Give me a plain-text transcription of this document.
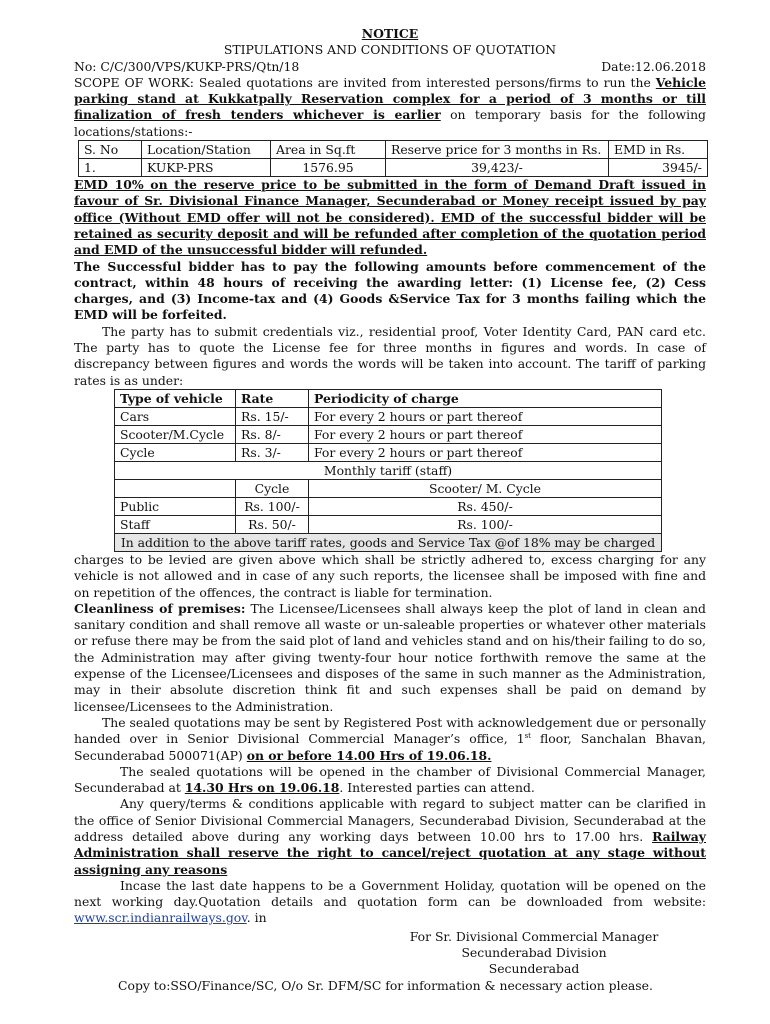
NOTICE
STIPULATIONS AND CONDITIONS OF QUOTATION
No: C/C/300/VPS/KUKP-PRS/Qtn/18	Date:12.06.2018

SCOPE OF WORK: Sealed quotations are invited from interested persons/firms to run the Vehicle parking stand at Kukkatpally Reservation complex for a period of 3 months or till finalization of fresh tenders whichever is earlier on temporary basis for the following locations/stations:-

S. No	Location/Station	Area in Sq.ft	Reserve price for 3 months in Rs.	EMD in Rs.
1.	KUKP-PRS	1576.95	39,423/-	3945/-

EMD 10% on the reserve price to be submitted in the form of Demand Draft issued in favour of Sr. Divisional Finance Manager, Secunderabad or Money receipt issued by pay office (Without EMD offer will not be considered). EMD of the successful bidder will be retained as security deposit and will be refunded after completion of the quotation period and EMD of the unsuccessful bidder will refunded.

The Successful bidder has to pay the following amounts before commencement of the contract, within 48 hours of receiving the awarding letter: (1) License fee, (2) Cess charges, and (3) Income-tax and (4) Goods &Service Tax for 3 months failing which the EMD will be forfeited.

The party has to submit credentials viz., residential proof, Voter Identity Card, PAN card etc. The party has to quote the License fee for three months in figures and words. In case of discrepancy between figures and words the words will be taken into account. The tariff of parking rates is as under:

Type of vehicle	Rate	Periodicity of charge
Cars	Rs. 15/-	For every 2 hours or part thereof
Scooter/M.Cycle	Rs. 8/-	For every 2 hours or part thereof
Cycle	Rs. 3/-	For every 2 hours or part thereof
Monthly tariff (staff)		
	Cycle	Scooter/ M. Cycle
Public	Rs. 100/-	Rs. 450/-
Staff	Rs. 50/-	Rs. 100/-
In addition to the above tariff rates, goods and Service Tax @of 18% may be charged		

charges to be levied are given above which shall be strictly adhered to, excess charging for any vehicle is not allowed and in case of any such reports, the licensee shall be imposed with fine and on repetition of the offences, the contract is liable for termination.

Cleanliness of premises: The Licensee/Licensees shall always keep the plot of land in clean and sanitary condition and shall remove all waste or un-saleable properties or whatever other materials or refuse there may be from the said plot of land and vehicles stand and on his/their failing to do so, the Administration may after giving twenty-four hour notice forthwith remove the same at the expense of the Licensee/Licensees and disposes of the same in such manner as the Administration, may in their absolute discretion think fit and such expenses shall be paid on demand by licensee/Licensees to the Administration.

The sealed quotations may be sent by Registered Post with acknowledgement due or personally handed over in Senior Divisional Commercial Manager’s office, 1st floor, Sanchalan Bhavan, Secunderabad 500071(AP) on or before 14.00 Hrs of 19.06.18.

The sealed quotations will be opened in the chamber of Divisional Commercial Manager, Secunderabad at 14.30 Hrs on 19.06.18. Interested parties can attend.

Any query/terms & conditions applicable with regard to subject matter can be clarified in the office of Senior Divisional Commercial Managers, Secunderabad Division, Secunderabad at the address detailed above during any working days between 10.00 hrs to 17.00 hrs. Railway Administration shall reserve the right to cancel/reject quotation at any stage without assigning any reasons

Incase the last date happens to be a Government Holiday, quotation will be opened on the next working day.Quotation details and quotation form can be downloaded from website: www.scr.indianrailways.gov. in

For Sr. Divisional Commercial Manager
Secunderabad Division
Secunderabad

Copy to:SSO/Finance/SC, O/o Sr. DFM/SC for information & necessary action please.
